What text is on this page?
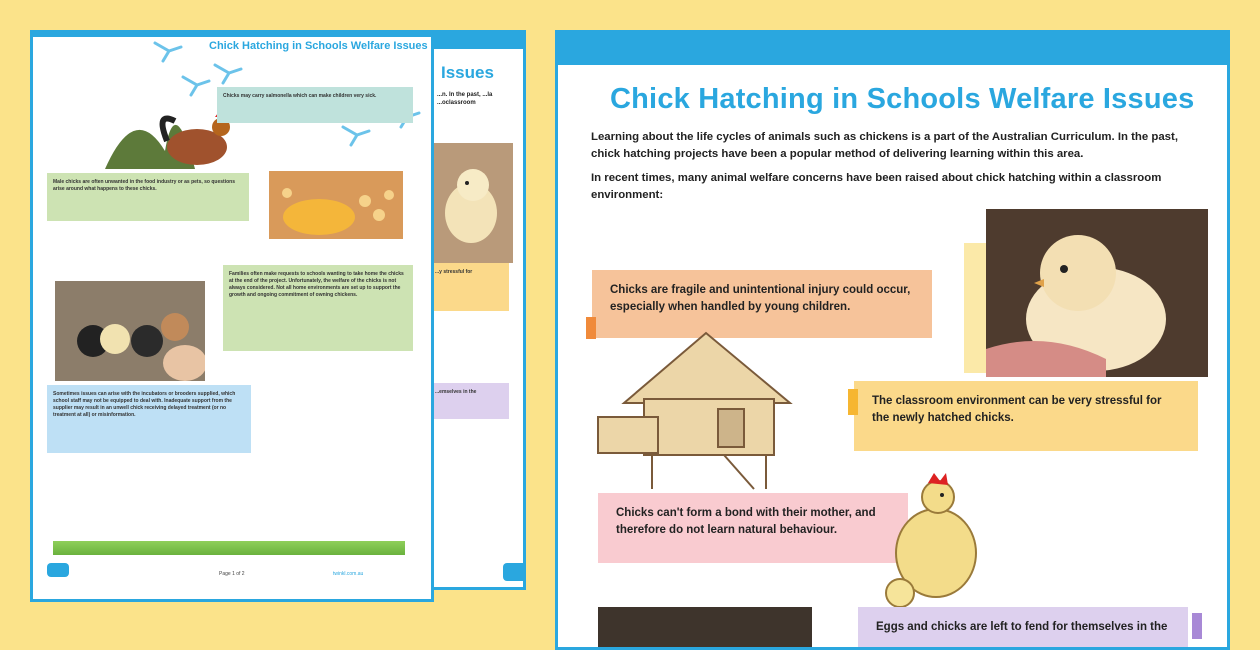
Issues
...n. In the past, ...la ...oclassroom
...y stressful for
...emselves in the
Chick Hatching in Schools Welfare Issues
Chicks may carry salmonella which can make children very sick.
Male chicks are often unwanted in the food industry or as pets, so questions arise around what happens to these chicks.
Families often make requests to schools wanting to take home the chicks at the end of the project. Unfortunately, the welfare of the chicks is not always considered. Not all home environments are set up to support the growth and ongoing commitment of owning chickens.
Sometimes issues can arise with the incubators or brooders supplied, which school staff may not be equipped to deal with. Inadequate support from the supplier may result in an unwell chick receiving delayed treatment (or no treatment at all) or misinformation.
Page 1 of 2	twinkl.com.au
Chick Hatching in Schools Welfare Issues
Learning about the life cycles of animals such as chickens is a part of the Australian Curriculum. In the past, chick hatching projects have been a popular method of delivering learning within this area.
In recent times, many animal welfare concerns have been raised about chick hatching within a classroom environment:
Chicks are fragile and unintentional injury could occur, especially when handled by young children.
The classroom environment can be very stressful for the newly hatched chicks.
Chicks can't form a bond with their mother, and therefore do not learn natural behaviour.
Eggs and chicks are left to fend for themselves in the
